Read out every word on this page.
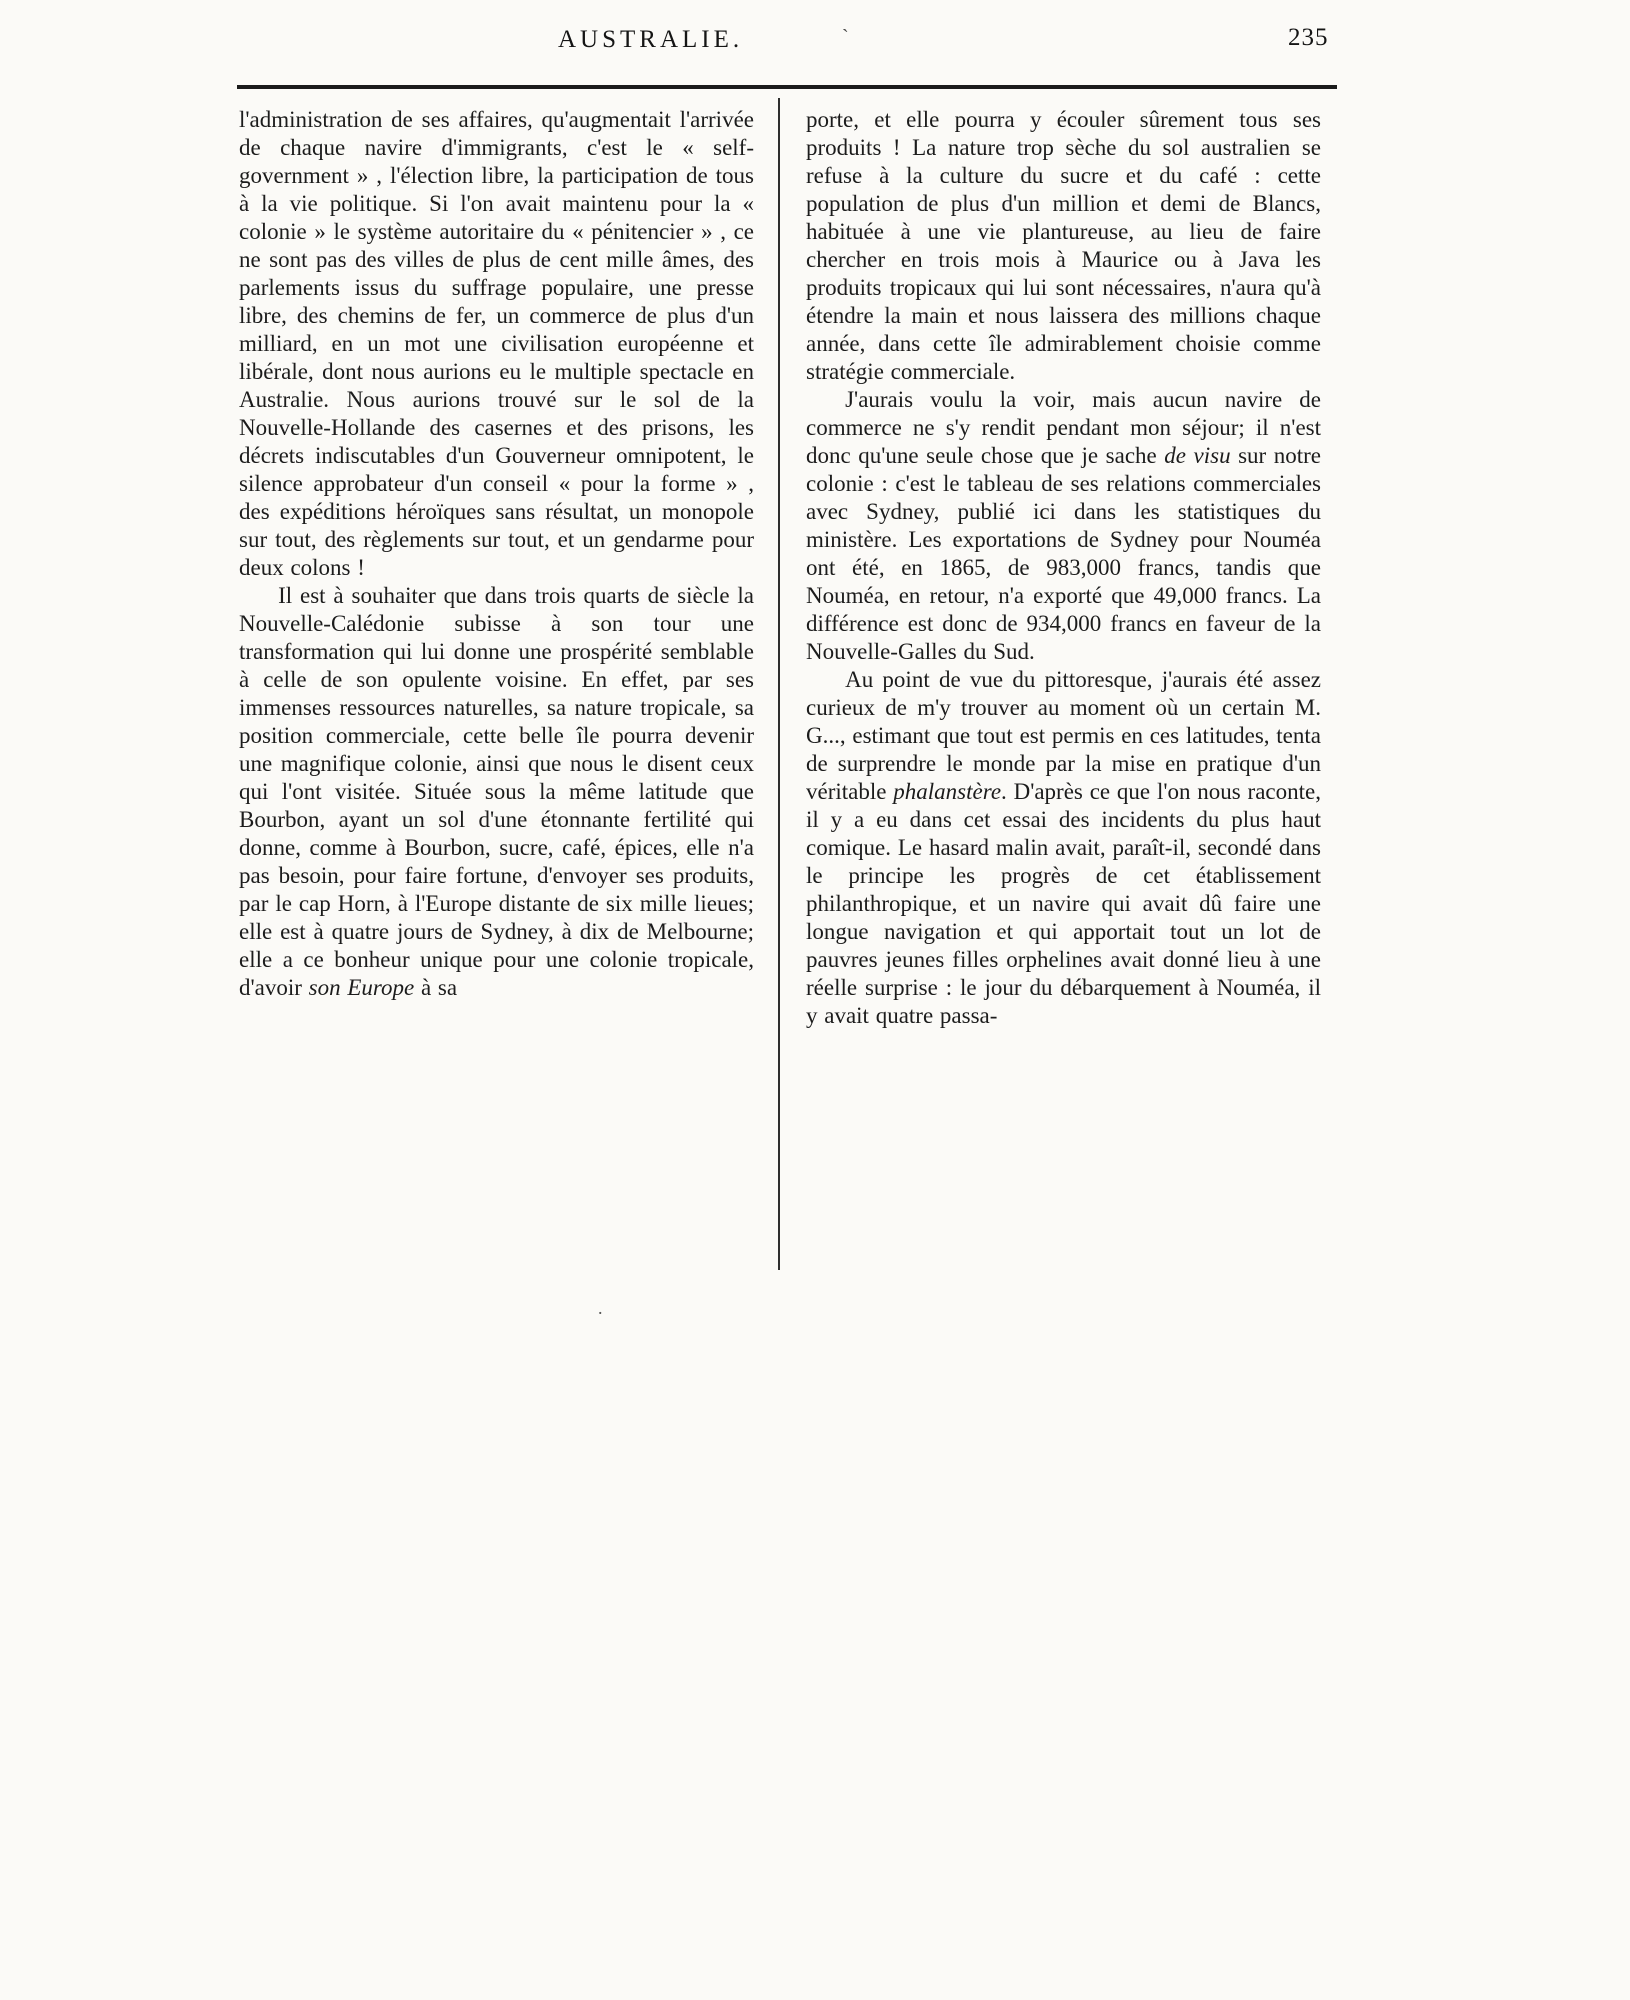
AUSTRALIE.	ˋ	235

l'administration de ses affaires, qu'augmentait l'arrivée de chaque navire d'immigrants, c'est le « self-government » , l'élection libre, la participation de tous à la vie politique. Si l'on avait maintenu pour la « colonie » le système autoritaire du « pénitencier » , ce ne sont pas des villes de plus de cent mille âmes, des parlements issus du suffrage populaire, une presse libre, des chemins de fer, un commerce de plus d'un milliard, en un mot une civilisation européenne et libérale, dont nous aurions eu le multiple spectacle en Australie. Nous aurions trouvé sur le sol de la Nouvelle-Hollande des casernes et des prisons, les décrets indiscutables d'un Gouverneur omnipotent, le silence approbateur d'un conseil « pour la forme » , des expéditions héroïques sans résultat, un monopole sur tout, des règlements sur tout, et un gendarme pour deux colons !

Il est à souhaiter que dans trois quarts de siècle la Nouvelle-Calédonie subisse à son tour une transformation qui lui donne une prospérité semblable à celle de son opulente voisine. En effet, par ses immenses ressources naturelles, sa nature tropicale, sa position commerciale, cette belle île pourra devenir une magnifique colonie, ainsi que nous le disent ceux qui l'ont visitée. Située sous la même latitude que Bourbon, ayant un sol d'une étonnante fertilité qui donne, comme à Bourbon, sucre, café, épices, elle n'a pas besoin, pour faire fortune, d'envoyer ses produits, par le cap Horn, à l'Europe distante de six mille lieues; elle est à quatre jours de Sydney, à dix de Melbourne; elle a ce bonheur unique pour une colonie tropicale, d'avoir son Europe à sa

porte, et elle pourra y écouler sûrement tous ses produits ! La nature trop sèche du sol australien se refuse à la culture du sucre et du café : cette population de plus d'un million et demi de Blancs, habituée à une vie plantureuse, au lieu de faire chercher en trois mois à Maurice ou à Java les produits tropicaux qui lui sont nécessaires, n'aura qu'à étendre la main et nous laissera des millions chaque année, dans cette île admirablement choisie comme stratégie commerciale.

J'aurais voulu la voir, mais aucun navire de commerce ne s'y rendit pendant mon séjour; il n'est donc qu'une seule chose que je sache de visu sur notre colonie : c'est le tableau de ses relations commerciales avec Sydney, publié ici dans les statistiques du ministère. Les exportations de Sydney pour Nouméa ont été, en 1865, de 983,000 francs, tandis que Nouméa, en retour, n'a exporté que 49,000 francs. La différence est donc de 934,000 francs en faveur de la Nouvelle-Galles du Sud.

Au point de vue du pittoresque, j'aurais été assez curieux de m'y trouver au moment où un certain M. G..., estimant que tout est permis en ces latitudes, tenta de surprendre le monde par la mise en pratique d'un véritable phalanstère. D'après ce que l'on nous raconte, il y a eu dans cet essai des incidents du plus haut comique. Le hasard malin avait, paraît-il, secondé dans le principe les progrès de cet établissement philanthropique, et un navire qui avait dû faire une longue navigation et qui apportait tout un lot de pauvres jeunes filles orphelines avait donné lieu à une réelle surprise : le jour du débarquement à Nouméa, il y avait quatre passa-

.
